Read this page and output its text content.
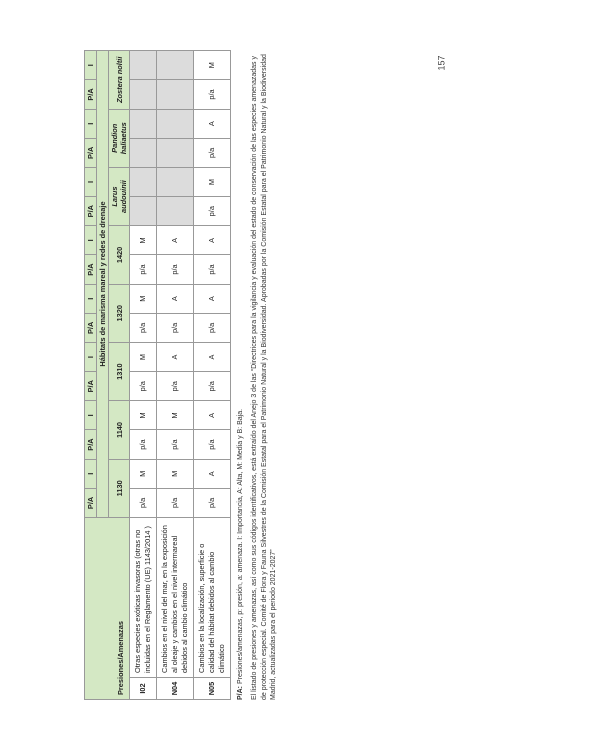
Presiones/Amenazas		P/A	I	P/A	I	P/A	I	P/A	I	P/A	I	P/A	I	P/A	I	P/A	I
		Hábitats de marisma mareal y redes de drenaje															
		1130		1140		1310		1320		1420		Larus audouinii		Pandion haliaetus		Zostera noltii	
I02	Otras especies exóticas invasoras (otras no incluidas en el Reglamento (UE) 1143/2014 )	p/a	M	p/a	M	p/a	M	p/a	M	p/a	M						
N04	Cambios en el nivel del mar, en la exposición al oleaje y cambios en el nivel intermareal debidos al cambio climático	p/a	M	p/a	M	p/a	A	p/a	A	p/a	A						
N05	Cambios en la localización, superficie o calidad del hábitat debidos al cambio climático	p/a	A	p/a	A	p/a	A	p/a	A	p/a	A	p/a	M	p/a	A	p/a	M

P/A: Presiones/amenazas, p: presión, a: amenaza. I: Importancia, A: Alta, M: Media y B: Baja. El listado de presiones y amenazas, así como sus códigos identificativos, está extraído del Anejo 3 de las “Directrices para la vigilancia y evaluación del estado de conservación de las especies amenazadas y de protección especial. Comité de Flora y Fauna Silvestres de la Comisión Estatal para el Patrimonio Natural y la Biodiversidad. Aprobadas por la Comisión Estatal para el Patrimonio Natural y la Biodiversidad Madrid, actualizadas para el periodo 2021-2027”

157
